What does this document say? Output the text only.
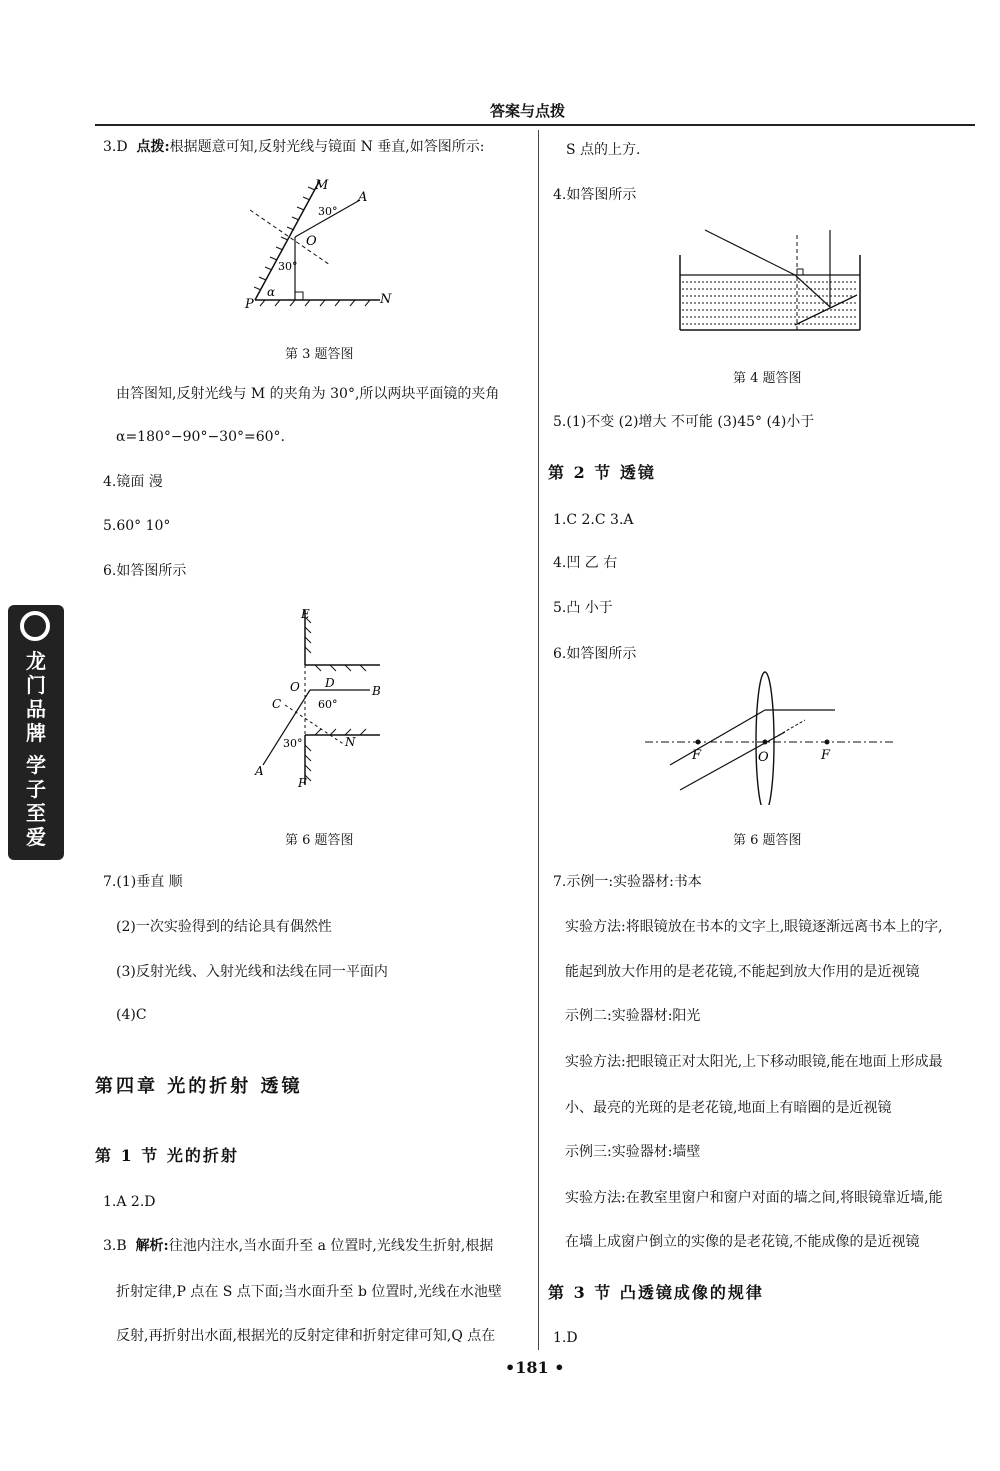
答案与点拨
龙门品牌
学子至爱
3.D 点拨:根据题意可知,反射光线与镜面 N 垂直,如答图所示:
M
A
O
P	N
α
30°
30°
第 3 题答图
由答图知,反射光线与 M 的夹角为 30°,所以两块平面镜的夹角
α=180°−90°−30°=60°.
4.镜面 漫
5.60° 10°
6.如答图所示
E
O D
B
C	60°
30°	N
A
F
第 6 题答图
7.(1)垂直 顺
(2)一次实验得到的结论具有偶然性
(3)反射光线、入射光线和法线在同一平面内
(4)C
第四章 光的折射 透镜
第 1 节 光的折射
1.A 2.D
3.B 解析:往池内注水,当水面升至 a 位置时,光线发生折射,根据
折射定律,P 点在 S 点下面;当水面升至 b 位置时,光线在水池壁
反射,再折射出水面,根据光的反射定律和折射定律可知,Q 点在
S 点的上方.
4.如答图所示
第 4 题答图
5.(1)不变 (2)增大 不可能 (3)45° (4)小于
第 2 节 透镜
1.C 2.C 3.A
4.凹 乙 右
5.凸 小于
6.如答图所示
F	O	F
第 6 题答图
7.示例一:实验器材:书本
实验方法:将眼镜放在书本的文字上,眼镜逐渐远离书本上的字,
能起到放大作用的是老花镜,不能起到放大作用的是近视镜
示例二:实验器材:阳光
实验方法:把眼镜正对太阳光,上下移动眼镜,能在地面上形成最
小、最亮的光斑的是老花镜,地面上有暗圈的是近视镜
示例三:实验器材:墙壁
实验方法:在教室里窗户和窗户对面的墙之间,将眼镜靠近墙,能
在墙上成窗户倒立的实像的是老花镜,不能成像的是近视镜
第 3 节 凸透镜成像的规律
1.D
•181 •
